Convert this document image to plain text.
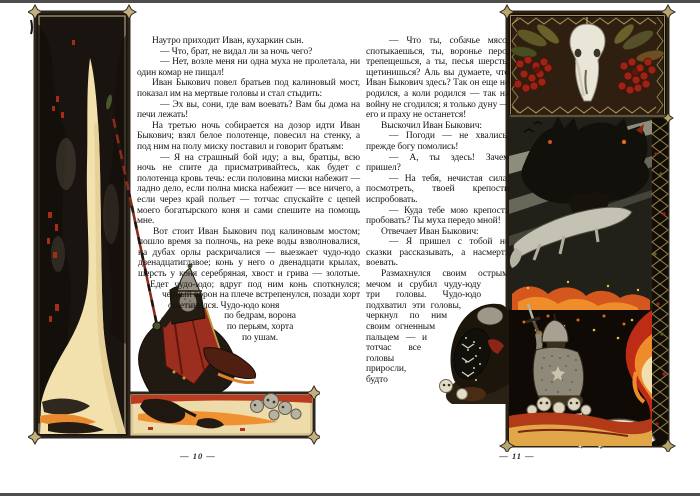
Наутро приходит Иван, кухаркин сын.

— Что, брат, не видал ли за ночь чего?

— Нет, возле меня ни одна муха не пролетала, ни один комар не пищал!

Иван Быкович повел братьев под калиновый мост, показал им на мертвые головы и стал стыдить:

— Эх вы, сони, где вам воевать? Вам бы дома на печи лежать!

На третью ночь собирается на дозор идти Иван Быкович; взял белое полотенце, повесил на стенку, а под ним на полу миску поставил и говорит братьям:

— Я на страшный бой иду; а вы, братцы, всю ночь не спите да присматривайтесь, как будет с полотенца кровь течь: если половина миски набежит — ладно дело, если полна миска набежит — все ничего, а если через край польет — тотчас спускайте с цепей моего богатырского коня и сами спешите на помощь мне.

Вот стоит Иван Быкович под калиновым мостом; пошло время за полночь, на реке воды взволновалися, на дубах орлы раскричалися — выезжает чудо-юдо двенадцатиглавое; конь у него о двенадцати крылах, шерсть у коня серебряная, хвост и грива — золотые. Едет чудо-юдо; вдруг под ним конь споткнулся; черный ворон на плече встрепенулся, позади хорт ощетинился. Чудо-юдо коня

по бедрам, ворона
по перьям, хорта
по ушам.

— Что ты, собачье мясо, спотыкаешься, ты, воронье перо, трепещешься, а ты, песья шерсть, щетинишься? Аль вы думаете, что Иван Быкович здесь? Так он еще не родился, а коли родился — так на войну не сгодился; я только дуну — его и праху не останется!

Выскочил Иван Быкович:

— Погоди — не хвались, прежде богу помолись!

— А, ты здесь! Зачем пришел?

— На тебя, нечистая сила, посмотреть, твоей крепости испробовать.

— Куда тебе мою крепость пробовать? Ты муха передо мной!

Отвечает Иван Быкович:

— Я пришел с тобой не сказки рассказывать, а насмерть воевать.

Размахнулся своим острым мечом и срубил чуду-юду три головы. Чудо-юдо подхватил эти головы, черкнул по ним своим огненным пальцем — и тотчас все головы приросли, будто

— 10 —	— 11 —
